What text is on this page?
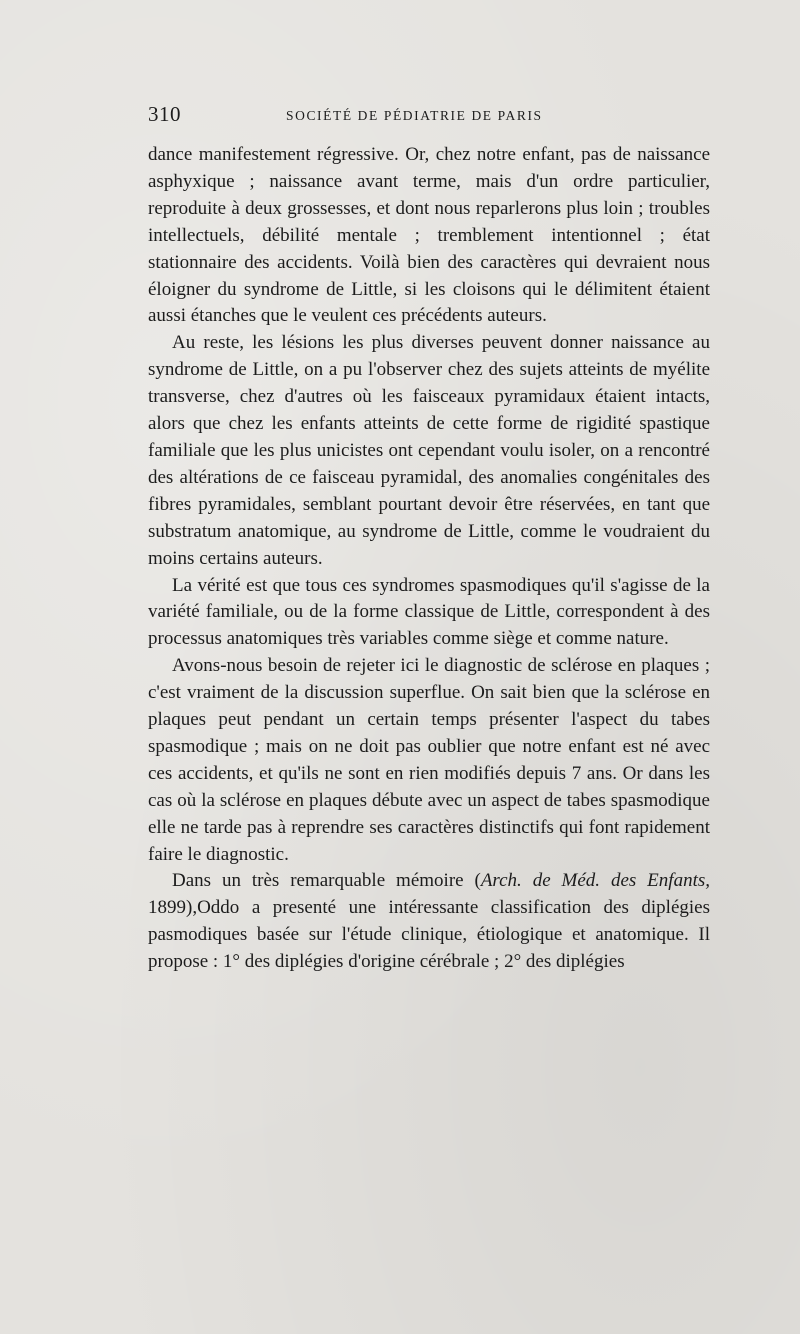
310	SOCIÉTÉ DE PÉDIATRIE DE PARIS

dance manifestement régressive. Or, chez notre enfant, pas de naissance asphyxique ; naissance avant terme, mais d'un ordre particulier, reproduite à deux grossesses, et dont nous reparlerons plus loin ; troubles intellectuels, débilité mentale ; tremblement intentionnel ; état stationnaire des accidents. Voilà bien des caractères qui devraient nous éloigner du syndrome de Little, si les cloisons qui le délimitent étaient aussi étanches que le veulent ces précédents auteurs.

Au reste, les lésions les plus diverses peuvent donner naissance au syndrome de Little, on a pu l'observer chez des sujets atteints de myélite transverse, chez d'autres où les faisceaux pyramidaux étaient intacts, alors que chez les enfants atteints de cette forme de rigidité spastique familiale que les plus unicistes ont cependant voulu isoler, on a rencontré des altérations de ce faisceau pyramidal, des anomalies congénitales des fibres pyramidales, semblant pourtant devoir être réservées, en tant que substratum anatomique, au syndrome de Little, comme le voudraient du moins certains auteurs.

La vérité est que tous ces syndromes spasmodiques qu'il s'agisse de la variété familiale, ou de la forme classique de Little, correspondent à des processus anatomiques très variables comme siège et comme nature.

Avons-nous besoin de rejeter ici le diagnostic de sclérose en plaques ; c'est vraiment de la discussion superflue. On sait bien que la sclérose en plaques peut pendant un certain temps présenter l'aspect du tabes spasmodique ; mais on ne doit pas oublier que notre enfant est né avec ces accidents, et qu'ils ne sont en rien modifiés depuis 7 ans. Or dans les cas où la sclérose en plaques débute avec un aspect de tabes spasmodique elle ne tarde pas à reprendre ses caractères distinctifs qui font rapidement faire le diagnostic.

Dans un très remarquable mémoire (Arch. de Méd. des Enfants, 1899),Oddo a presenté une intéressante classification des diplégies pasmodiques basée sur l'étude clinique, étiologique et anatomique. Il propose : 1° des diplégies d'origine cérébrale ; 2° des diplégies
